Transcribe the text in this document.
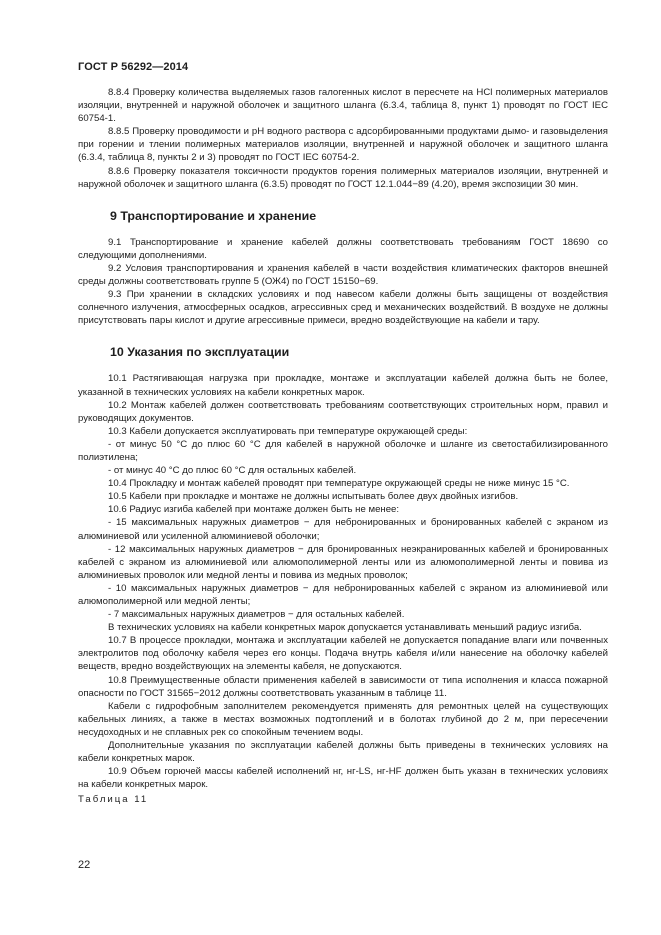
ГОСТ Р 56292—2014

8.8.4 Проверку количества выделяемых газов галогенных кислот в пересчете на HCl полимерных материалов изоляции, внутренней и наружной оболочек и защитного шланга (6.3.4, таблица 8, пункт 1) проводят по ГОСТ IEC 60754-1.

8.8.5 Проверку проводимости и pH водного раствора с адсорбированными продуктами дымо- и газовыделения при горении и тлении полимерных материалов изоляции, внутренней и наружной оболочек и защитного шланга (6.3.4, таблица 8, пункты 2 и 3) проводят по ГОСТ IEC 60754-2.

8.8.6 Проверку показателя токсичности продуктов горения полимерных материалов изоляции, внутренней и наружной оболочек и защитного шланга (6.3.5) проводят по ГОСТ 12.1.044−89 (4.20), время экспозиции 30 мин.

9 Транспортирование и хранение

9.1 Транспортирование и хранение кабелей должны соответствовать требованиям ГОСТ 18690 со следующими дополнениями.

9.2 Условия транспортирования и хранения кабелей в части воздействия климатических факторов внешней среды должны соответствовать группе 5 (ОЖ4) по ГОСТ 15150−69.

9.3 При хранении в складских условиях и под навесом кабели должны быть защищены от воздействия солнечного излучения, атмосферных осадков, агрессивных сред и механических воздействий. В воздухе не должны присутствовать пары кислот и другие агрессивные примеси, вредно воздействующие на кабели и тару.

10 Указания по эксплуатации

10.1 Растягивающая нагрузка при прокладке, монтаже и эксплуатации кабелей должна быть не более, указанной в технических условиях на кабели конкретных марок.

10.2 Монтаж кабелей должен соответствовать требованиям соответствующих строительных норм, правил и руководящих документов.

10.3 Кабели допускается эксплуатировать при температуре окружающей среды:

- от минус 50 °С до плюс 60 °С для кабелей в наружной оболочке и шланге из светостабилизированного полиэтилена;

- от минус 40 °С до плюс 60 °С для остальных кабелей.

10.4 Прокладку и монтаж кабелей проводят при температуре окружающей среды не ниже минус 15 °С.

10.5 Кабели при прокладке и монтаже не должны испытывать более двух двойных изгибов.

10.6 Радиус изгиба кабелей при монтаже должен быть не менее:

- 15 максимальных наружных диаметров − для небронированных и бронированных кабелей с экраном из алюминиевой или усиленной алюминиевой оболочки;

- 12 максимальных наружных диаметров − для бронированных неэкранированных кабелей и бронированных кабелей с экраном из алюминиевой или алюмополимерной ленты или из алюмополимерной ленты и повива из алюминиевых проволок или медной ленты и повива из медных проволок;

- 10 максимальных наружных диаметров − для небронированных кабелей с экраном из алюминиевой или алюмополимерной или медной ленты;

- 7 максимальных наружных диаметров − для остальных кабелей.

В технических условиях на кабели конкретных марок допускается устанавливать меньший радиус изгиба.

10.7 В процессе прокладки, монтажа и эксплуатации кабелей не допускается попадание влаги или почвенных электролитов под оболочку кабеля через его концы. Подача внутрь кабеля и/или нанесение на оболочку кабелей веществ, вредно воздействующих на элементы кабеля, не допускаются.

10.8 Преимущественные области применения кабелей в зависимости от типа исполнения и класса пожарной опасности по ГОСТ 31565−2012 должны соответствовать указанным в таблице 11.

Кабели с гидрофобным заполнителем рекомендуется применять для ремонтных целей на существующих кабельных линиях, а также в местах возможных подтоплений и в болотах глубиной до 2 м, при пересечении несудоходных и не сплавных рек со спокойным течением воды.

Дополнительные указания по эксплуатации кабелей должны быть приведены в технических условиях на кабели конкретных марок.

10.9 Объем горючей массы кабелей исполнений нг, нг-LS, нг-HF должен быть указан в технических условиях на кабели конкретных марок.

Таблица 11

22
